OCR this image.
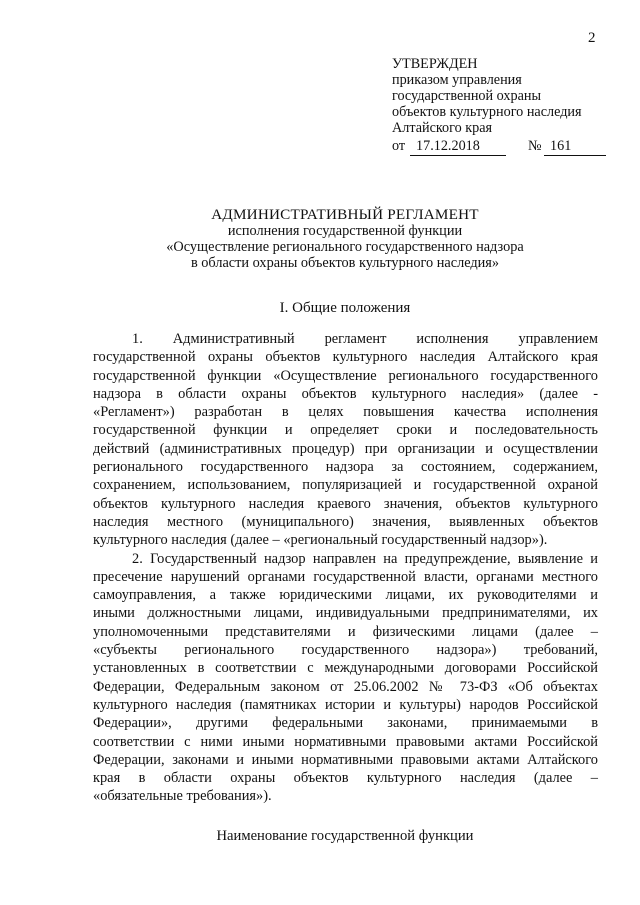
2
УТВЕРЖДЕН
приказом управления
государственной охраны
объектов культурного наследия
Алтайского края
от 17.12.2018	№ 161
АДМИНИСТРАТИВНЫЙ РЕГЛАМЕНТ
исполнения государственной функции
«Осуществление регионального государственного надзора
в области охраны объектов культурного наследия»
I. Общие положения

1. Административный регламент исполнения управлением
государственной охраны объектов культурного наследия Алтайского края
государственной функции «Осуществление регионального государственного
надзора в области охраны объектов культурного наследия» (далее -
«Регламент») разработан в целях повышения качества исполнения
государственной функции и определяет сроки и последовательность
действий (административных процедур) при организации и осуществлении
регионального государственного надзора за состоянием, содержанием,
сохранением, использованием, популяризацией и государственной охраной
объектов культурного наследия краевого значения, объектов культурного
наследия местного (муниципального) значения, выявленных объектов
культурного наследия (далее – «региональный государственный надзор»).

2. Государственный надзор направлен на предупреждение, выявление и
пресечение нарушений органами государственной власти, органами местного
самоуправления, а также юридическими лицами, их руководителями и
иными должностными лицами, индивидуальными предпринимателями, их
уполномоченными представителями и физическими лицами (далее –
«субъекты регионального государственного надзора») требований,
установленных в соответствии с международными договорами Российской
Федерации, Федеральным законом от 25.06.2002 № 73-ФЗ «Об объектах
культурного наследия (памятниках истории и культуры) народов Российской
Федерации», другими федеральными законами, принимаемыми в
соответствии с ними иными нормативными правовыми актами Российской
Федерации, законами и иными нормативными правовыми актами Алтайского
края в области охраны объектов культурного наследия (далее –
«обязательные требования»).

Наименование государственной функции
